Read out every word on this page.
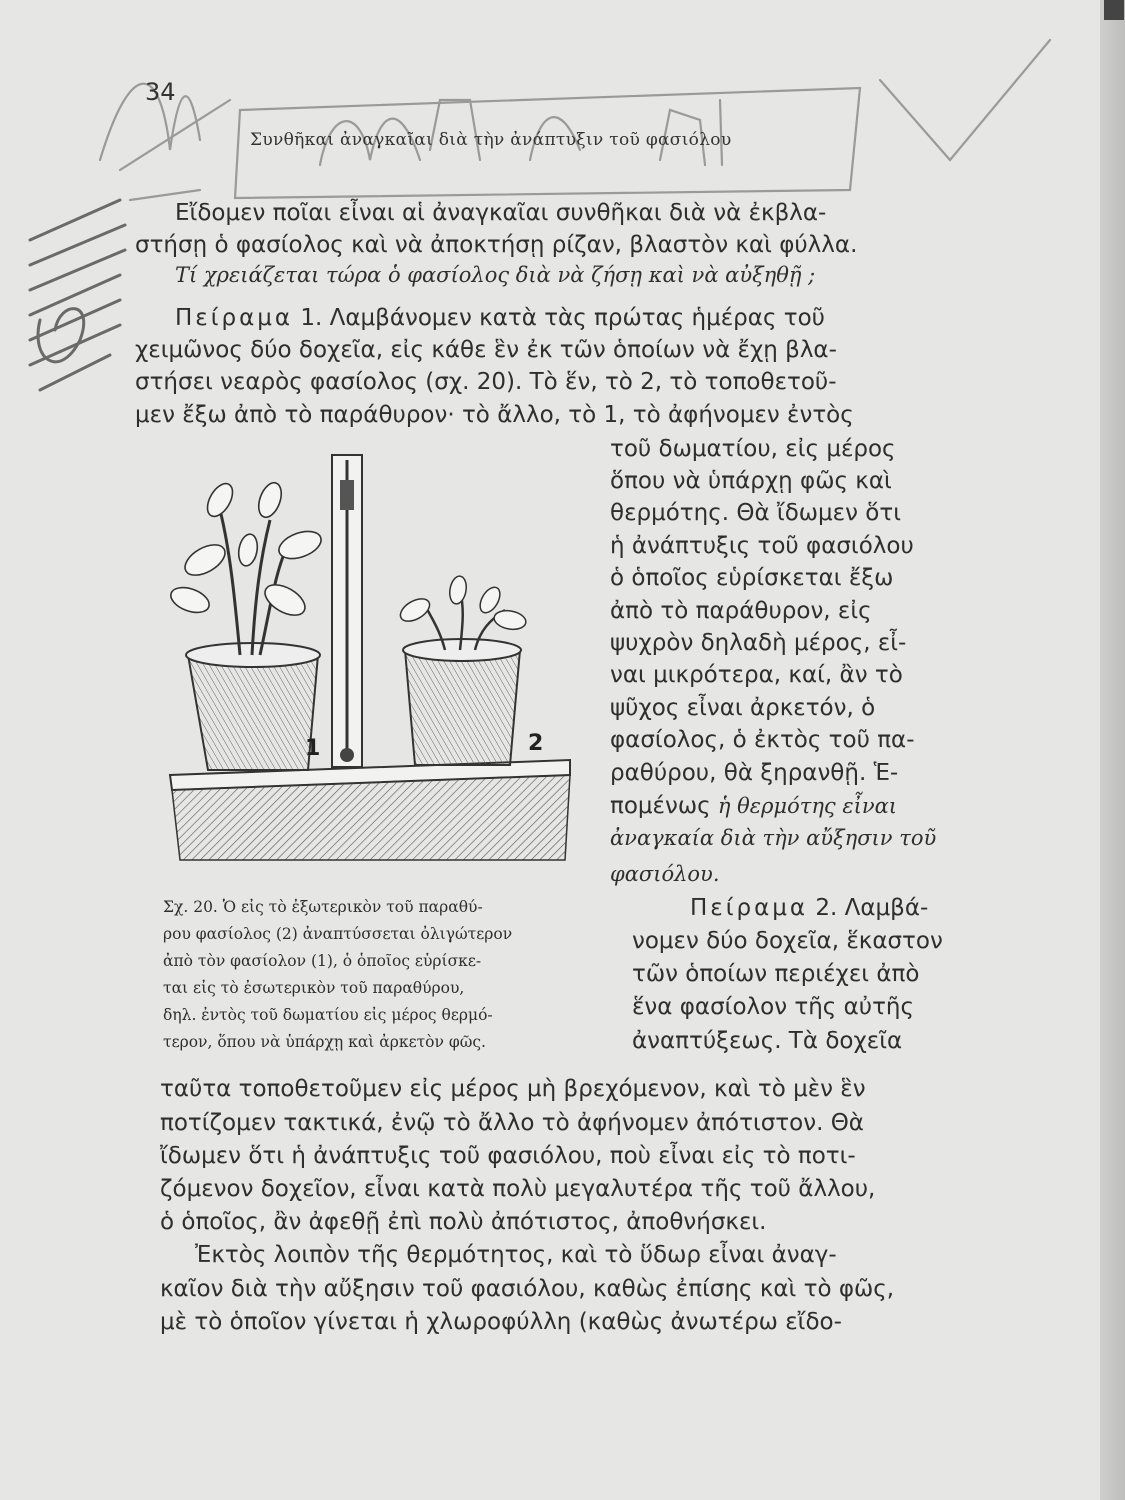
34
Συνθῆκαι ἀναγκαῖαι διὰ τὴν ἀνάπτυξιν τοῦ φασιόλου
Εἴδομεν ποῖαι εἶναι αἱ ἀναγκαῖαι συνθῆκαι διὰ νὰ ἐκβλα-
στήσῃ ὁ φασίολος καὶ νὰ ἀποκτήσῃ ρίζαν, βλαστὸν καὶ φύλλα.
Τί χρειάζεται τώρα ὁ φασίολος διὰ νὰ ζήσῃ καὶ νὰ αὐξηθῇ ;
Πείραμα 1. Λαμβάνομεν κατὰ τὰς πρώτας ἡμέρας τοῦ
χειμῶνος δύο δοχεῖα, εἰς κάθε ἓν ἐκ τῶν ὁποίων νὰ ἔχῃ βλα-
στήσει νεαρὸς φασίολος (σχ. 20). Τὸ ἕν, τὸ 2, τὸ τοποθετοῦ-
μεν ἔξω ἀπὸ τὸ παράθυρον· τὸ ἄλλο, τὸ 1, τὸ ἀφήνομεν ἐντὸς
τοῦ δωματίου, εἰς μέρος
ὅπου νὰ ὑπάρχῃ φῶς καὶ
θερμότης. Θὰ ἴδωμεν ὅτι
ἡ ἀνάπτυξις τοῦ φασιόλου
ὁ ὁποῖος εὑρίσκεται ἔξω
ἀπὸ τὸ παράθυρον, εἰς
ψυχρὸν δηλαδὴ μέρος, εἶ-
ναι μικρότερα, καί, ἂν τὸ
ψῦχος εἶναι ἀρκετόν, ὁ
φασίολος, ὁ ἐκτὸς τοῦ πα-
ραθύρου, θὰ ξηρανθῇ. Ἑ-
πομένως ἡ θερμότης εἶναι
ἀναγκαία διὰ τὴν αὔξησιν τοῦ
φασιόλου.
Πείραμα 2. Λαμβά-
νομεν δύο δοχεῖα, ἕκαστον
τῶν ὁποίων περιέχει ἀπὸ
ἕνα φασίολον τῆς αὐτῆς
ἀναπτύξεως. Τὰ δοχεῖα
1	2
Σχ. 20. Ὁ εἰς τὸ ἐξωτερικὸν τοῦ παραθύ-
ρου φασίολος (2) ἀναπτύσσεται ὀλιγώτερον
ἀπὸ τὸν φασίολον (1), ὁ ὁποῖος εὑρίσκε-
ται εἰς τὸ ἐσωτερικὸν τοῦ παραθύρου,
δηλ. ἐντὸς τοῦ δωματίου εἰς μέρος θερμό-
τερον, ὅπου νὰ ὑπάρχῃ καὶ ἀρκετὸν φῶς.
ταῦτα τοποθετοῦμεν εἰς μέρος μὴ βρεχόμενον, καὶ τὸ μὲν ἓν
ποτίζομεν τακτικά, ἐνῷ τὸ ἄλλο τὸ ἀφήνομεν ἀπότιστον. Θὰ
ἴδωμεν ὅτι ἡ ἀνάπτυξις τοῦ φασιόλου, ποὺ εἶναι εἰς τὸ ποτι-
ζόμενον δοχεῖον, εἶναι κατὰ πολὺ μεγαλυτέρα τῆς τοῦ ἄλλου,
ὁ ὁποῖος, ἂν ἀφεθῇ ἐπὶ πολὺ ἀπότιστος, ἀποθνήσκει.
Ἐκτὸς λοιπὸν τῆς θερμότητος, καὶ τὸ ὕδωρ εἶναι ἀναγ-
καῖον διὰ τὴν αὔξησιν τοῦ φασιόλου, καθὼς ἐπίσης καὶ τὸ φῶς,
μὲ τὸ ὁποῖον γίνεται ἡ χλωροφύλλη (καθὼς ἀνωτέρω εἴδο-
